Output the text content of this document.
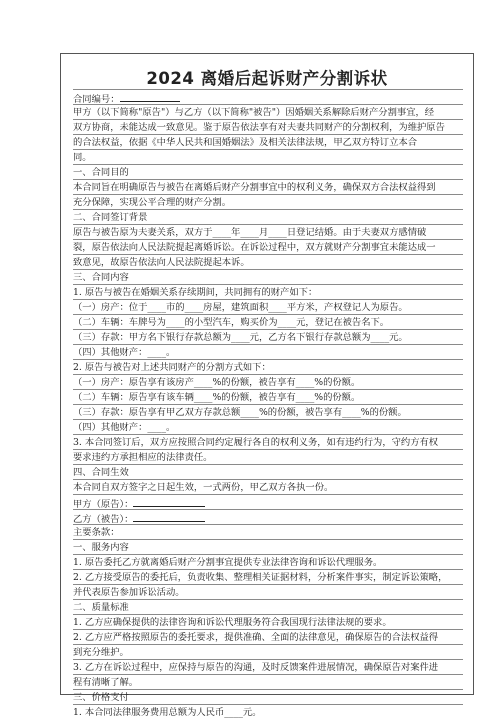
2024 离婚后起诉财产分割诉状
合同编号：
甲方（以下简称"原告"）与乙方（以下简称"被告"）因婚姻关系解除后财产分割事宜，经
双方协商，未能达成一致意见。鉴于原告依法享有对夫妻共同财产的分割权利，为维护原告
的合法权益，依据《中华人民共和国婚姻法》及相关法律法规，甲乙双方特订立本合
同。
一、合同目的
本合同旨在明确原告与被告在离婚后财产分割事宜中的权利义务，确保双方合法权益得到
充分保障，实现公平合理的财产分割。
二、合同签订背景
原告与被告原为夫妻关系，双方于____年____月____日登记结婚。由于夫妻双方感情破
裂，原告依法向人民法院提起离婚诉讼。在诉讼过程中，双方就财产分割事宜未能达成一
致意见，故原告依法向人民法院提起本诉。
三、合同内容
1. 原告与被告在婚姻关系存续期间，共同拥有的财产如下：
（一）房产：位于____市的____房屋，建筑面积____平方米，产权登记人为原告。
（二）车辆：车牌号为____的小型汽车，购买价为____元，登记在被告名下。
（三）存款：甲方名下银行存款总额为____元，乙方名下银行存款总额为____元。
（四）其他财产：____。
2. 原告与被告对上述共同财产的分割方式如下：
（一）房产：原告享有该房产____%的份额，被告享有____%的份额。
（二）车辆：原告享有该车辆____%的份额，被告享有____%的份额。
（三）存款：原告享有甲乙双方存款总额____%的份额，被告享有____%的份额。
（四）其他财产：____。
3. 本合同签订后，双方应按照合同约定履行各自的权利义务，如有违约行为，守约方有权
要求违约方承担相应的法律责任。
四、合同生效
本合同自双方签字之日起生效，一式两份，甲乙双方各执一份。
甲方（原告）：
乙方（被告）：
主要条款：
一、服务内容
1. 原告委托乙方就离婚后财产分割事宜提供专业法律咨询和诉讼代理服务。
2. 乙方接受原告的委托后，负责收集、整理相关证据材料，分析案件事实，制定诉讼策略，
并代表原告参加诉讼活动。
二、质量标准
1. 乙方应确保提供的法律咨询和诉讼代理服务符合我国现行法律法规的要求。
2. 乙方应严格按照原告的委托要求，提供准确、全面的法律意见，确保原告的合法权益得
到充分维护。
3. 乙方在诉讼过程中，应保持与原告的沟通，及时反馈案件进展情况，确保原告对案件进
程有清晰了解。
三、价格支付
1. 本合同法律服务费用总额为人民币____元。
